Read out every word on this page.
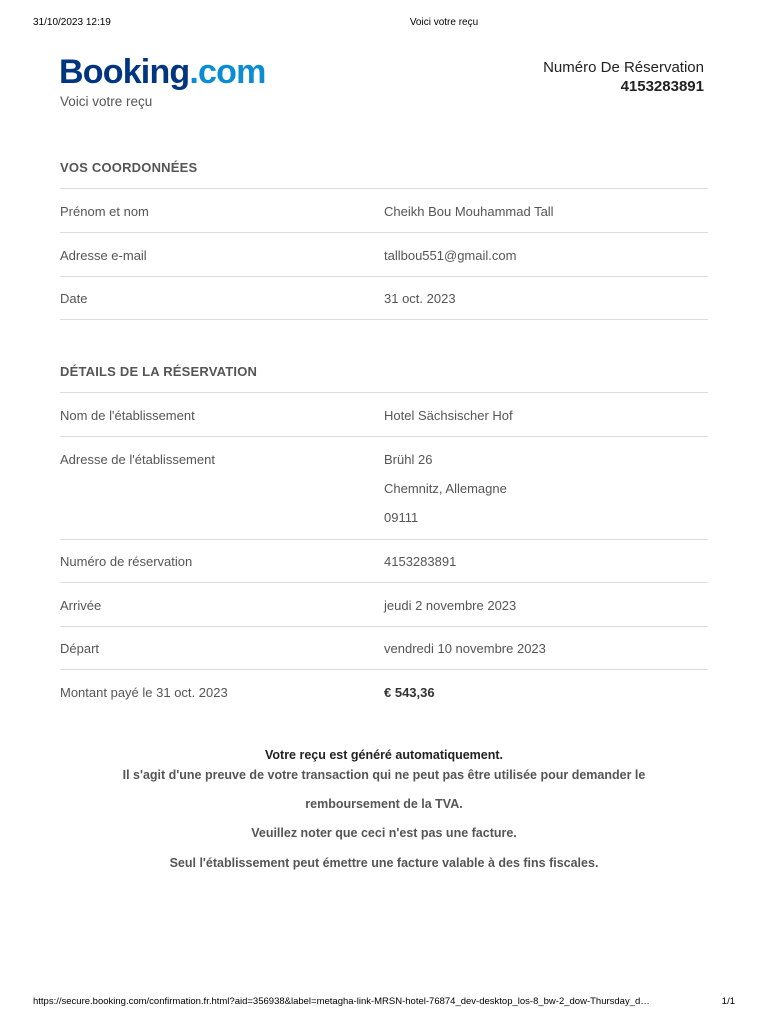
31/10/2023 12:19	Voici votre reçu
Booking.com
Voici votre reçu
Numéro De Réservation
4153283891
VOS COORDONNÉES
Prénom et nom	Cheikh Bou Mouhammad Tall
Adresse e-mail	tallbou551@gmail.com
Date	31 oct. 2023
DÉTAILS DE LA RÉSERVATION
Nom de l'établissement	Hotel Sächsischer Hof
Adresse de l'établissement	Brühl 26
Chemnitz, Allemagne
09111
Numéro de réservation	4153283891
Arrivée	jeudi 2 novembre 2023
Départ	vendredi 10 novembre 2023
Montant payé le 31 oct. 2023	€ 543,36
Votre reçu est généré automatiquement.
Il s'agit d'une preuve de votre transaction qui ne peut pas être utilisée pour demander le
remboursement de la TVA.
Veuillez noter que ceci n'est pas une facture.
Seul l'établissement peut émettre une facture valable à des fins fiscales.
https://secure.booking.com/confirmation.fr.html?aid=356938&label=metagha-link-MRSN-hotel-76874_dev-desktop_los-8_bw-2_dow-Thursday_d…	1/1
